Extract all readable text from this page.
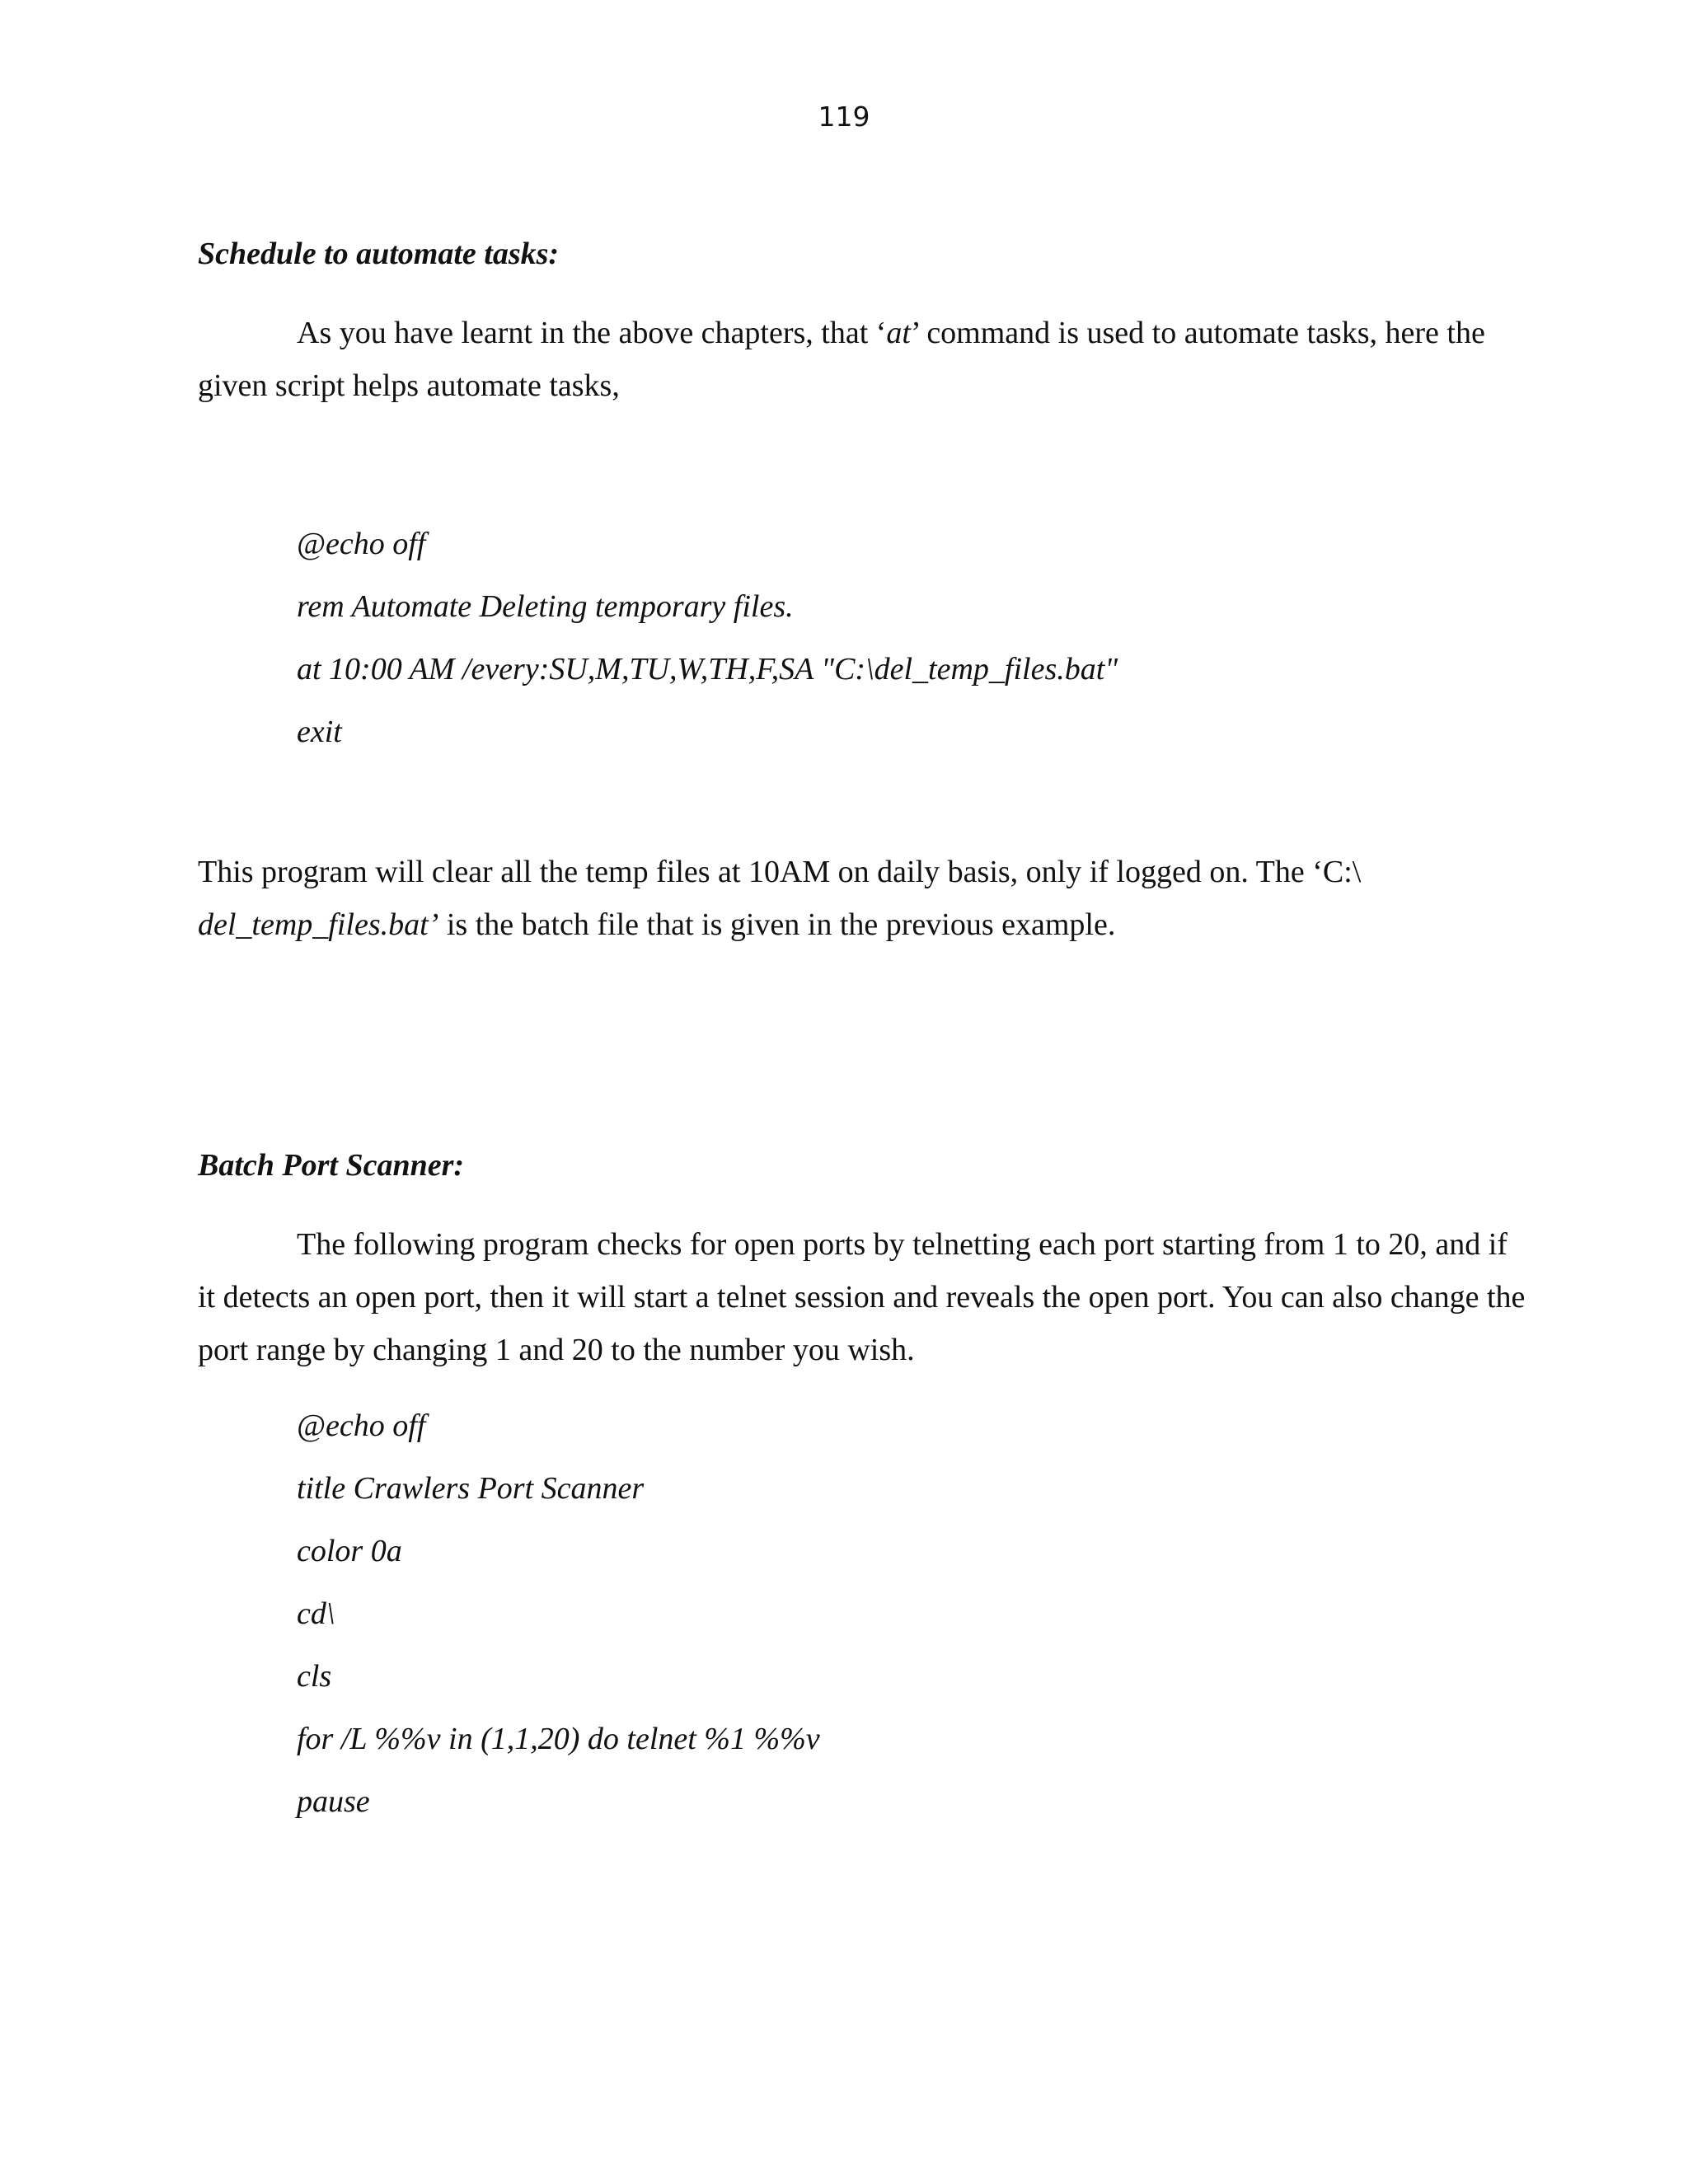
119
Schedule to automate tasks:

As you have learnt in the above chapters, that ‘at’ command is used to automate tasks, here the
given script helps automate tasks,

@echo off
rem Automate Deleting temporary files.
at 10:00 AM /every:SU,M,TU,W,TH,F,SA "C:\del_temp_files.bat"
exit

This program will clear all the temp files at 10AM on daily basis, only if logged on. The ‘C:\
del_temp_files.bat’ is the batch file that is given in the previous example.

Batch Port Scanner:

The following program checks for open ports by telnetting each port starting from 1 to 20, and if
it detects an open port, then it will start a telnet session and reveals the open port. You can also change the
port range by changing 1 and 20 to the number you wish.

@echo off
title Crawlers Port Scanner
color 0a
cd\
cls
for /L %%v in (1,1,20) do telnet %1 %%v
pause
